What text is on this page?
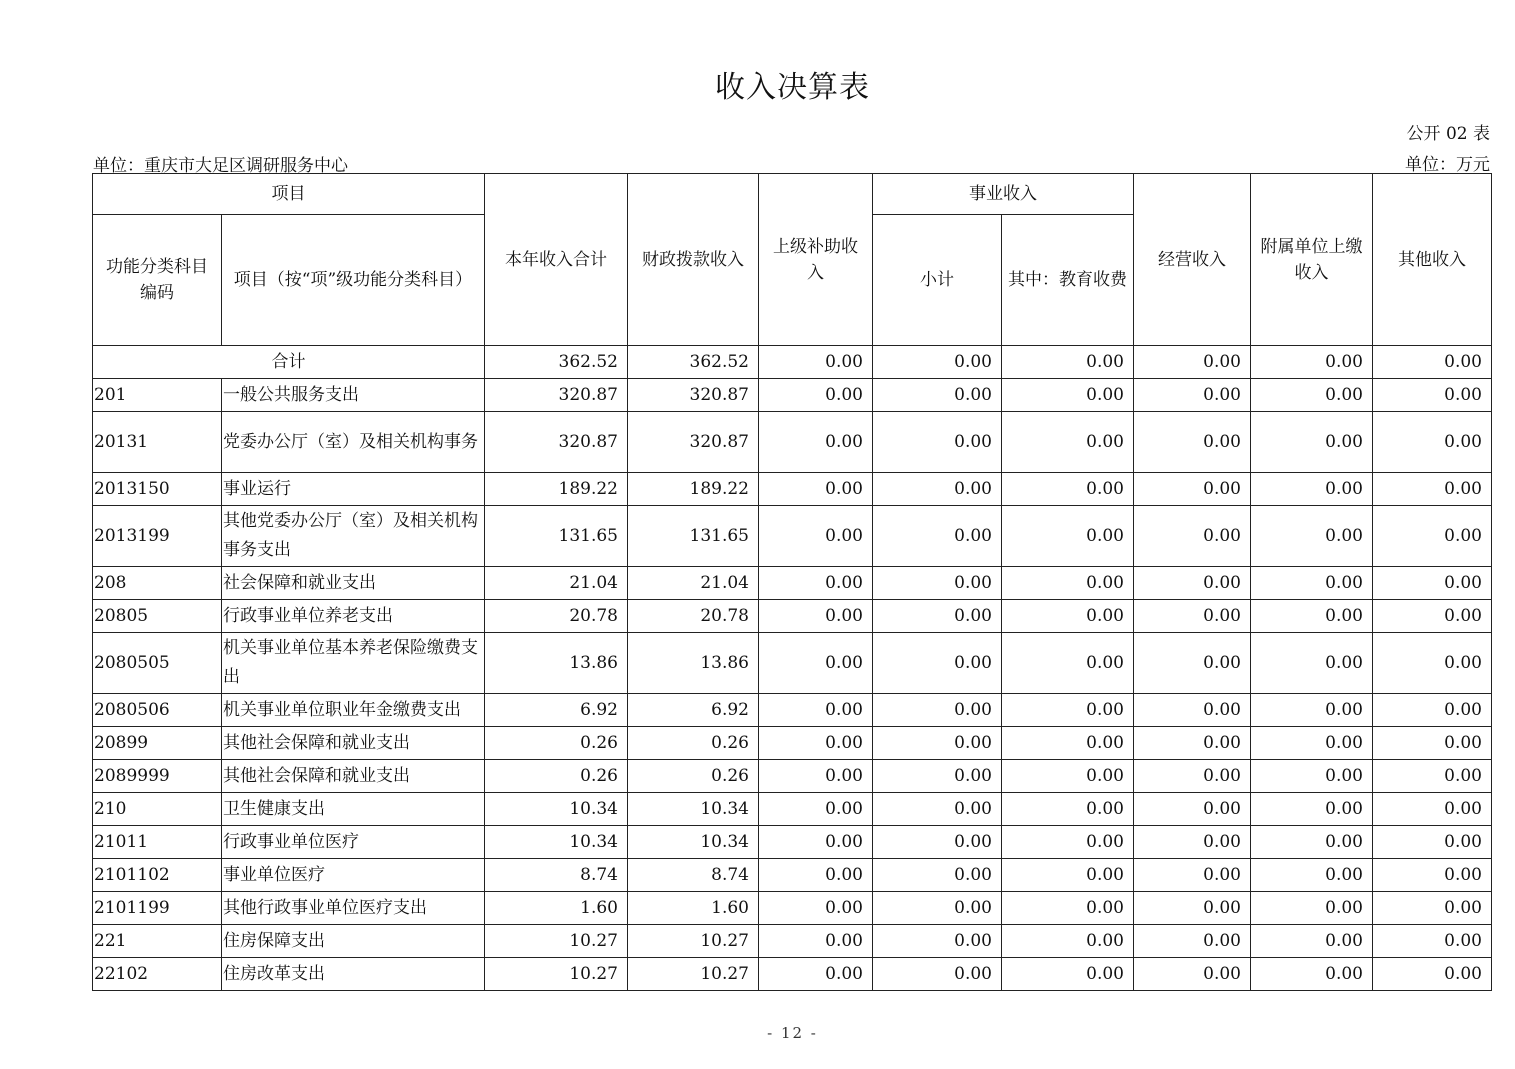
收入决算表
公开 02 表
单位：重庆市大足区调研服务中心	单位：万元
项目		本年收入合计	财政拨款收入	上级补助收入	事业收入		经营收入	附属单位上缴收入	其他收入
功能分类科目编码	项目（按“项”级功能分类科目）				小计	其中：教育收费			
合计		362.52	362.52	0.00	0.00	0.00	0.00	0.00	0.00
201	一般公共服务支出	320.87	320.87	0.00	0.00	0.00	0.00	0.00	0.00
20131	党委办公厅（室）及相关机构事务	320.87	320.87	0.00	0.00	0.00	0.00	0.00	0.00
2013150	事业运行	189.22	189.22	0.00	0.00	0.00	0.00	0.00	0.00
2013199	其他党委办公厅（室）及相关机构事务支出	131.65	131.65	0.00	0.00	0.00	0.00	0.00	0.00
208	社会保障和就业支出	21.04	21.04	0.00	0.00	0.00	0.00	0.00	0.00
20805	行政事业单位养老支出	20.78	20.78	0.00	0.00	0.00	0.00	0.00	0.00
2080505	机关事业单位基本养老保险缴费支出	13.86	13.86	0.00	0.00	0.00	0.00	0.00	0.00
2080506	机关事业单位职业年金缴费支出	6.92	6.92	0.00	0.00	0.00	0.00	0.00	0.00
20899	其他社会保障和就业支出	0.26	0.26	0.00	0.00	0.00	0.00	0.00	0.00
2089999	其他社会保障和就业支出	0.26	0.26	0.00	0.00	0.00	0.00	0.00	0.00
210	卫生健康支出	10.34	10.34	0.00	0.00	0.00	0.00	0.00	0.00
21011	行政事业单位医疗	10.34	10.34	0.00	0.00	0.00	0.00	0.00	0.00
2101102	事业单位医疗	8.74	8.74	0.00	0.00	0.00	0.00	0.00	0.00
2101199	其他行政事业单位医疗支出	1.60	1.60	0.00	0.00	0.00	0.00	0.00	0.00
221	住房保障支出	10.27	10.27	0.00	0.00	0.00	0.00	0.00	0.00
22102	住房改革支出	10.27	10.27	0.00	0.00	0.00	0.00	0.00	0.00
- 12 -
